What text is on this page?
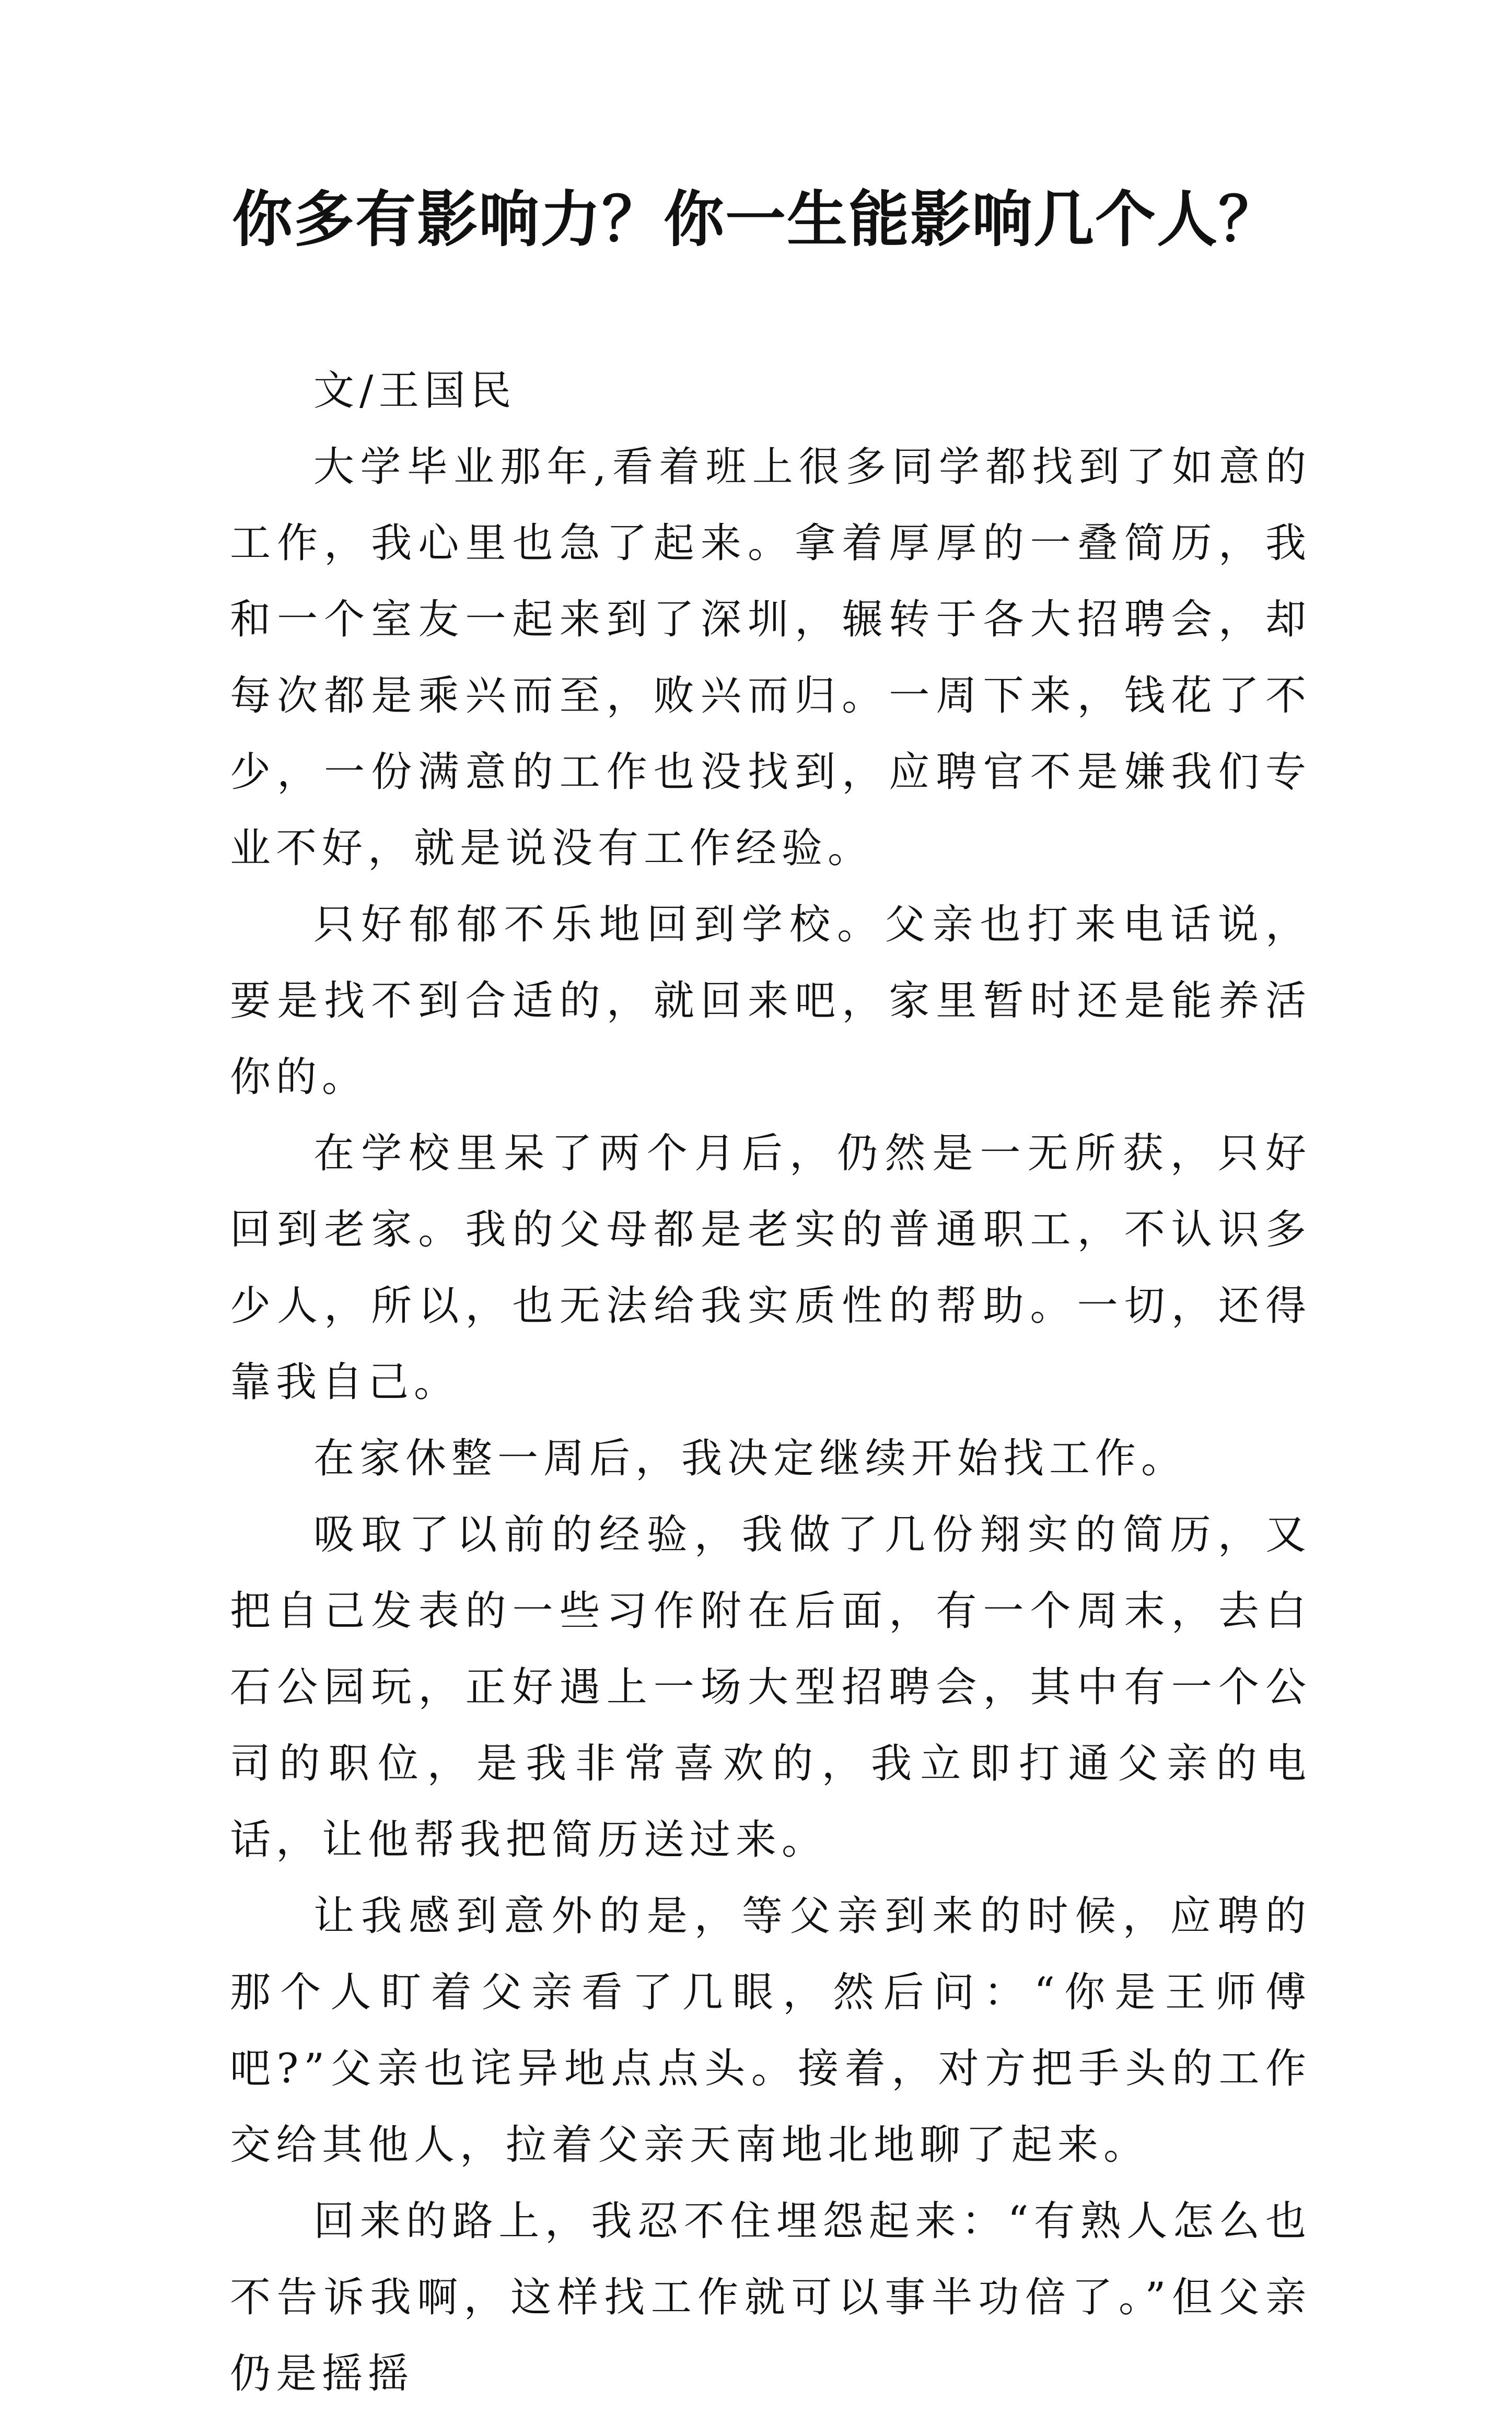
你多有影响力？你一生能影响几个人？

文/王国民

大学毕业那年,看着班上很多同学都找到了如意的工作，我心里也急了起来。拿着厚厚的一叠简历，我和一个室友一起来到了深圳，辗转于各大招聘会，却每次都是乘兴而至，败兴而归。一周下来，钱花了不少，一份满意的工作也没找到，应聘官不是嫌我们专业不好，就是说没有工作经验。

只好郁郁不乐地回到学校。父亲也打来电话说，要是找不到合适的，就回来吧，家里暂时还是能养活你的。

在学校里呆了两个月后，仍然是一无所获，只好回到老家。我的父母都是老实的普通职工，不认识多少人，所以，也无法给我实质性的帮助。一切，还得靠我自己。

在家休整一周后，我决定继续开始找工作。

吸取了以前的经验，我做了几份翔实的简历，又把自己发表的一些习作附在后面，有一个周末，去白石公园玩，正好遇上一场大型招聘会，其中有一个公司的职位，是我非常喜欢的，我立即打通父亲的电话，让他帮我把简历送过来。

让我感到意外的是，等父亲到来的时候，应聘的那个人盯着父亲看了几眼，然后问：“你是王师傅吧?”父亲也诧异地点点头。接着，对方把手头的工作交给其他人，拉着父亲天南地北地聊了起来。

回来的路上，我忍不住埋怨起来：“有熟人怎么也不告诉我啊，这样找工作就可以事半功倍了。”但父亲仍是摇摇
